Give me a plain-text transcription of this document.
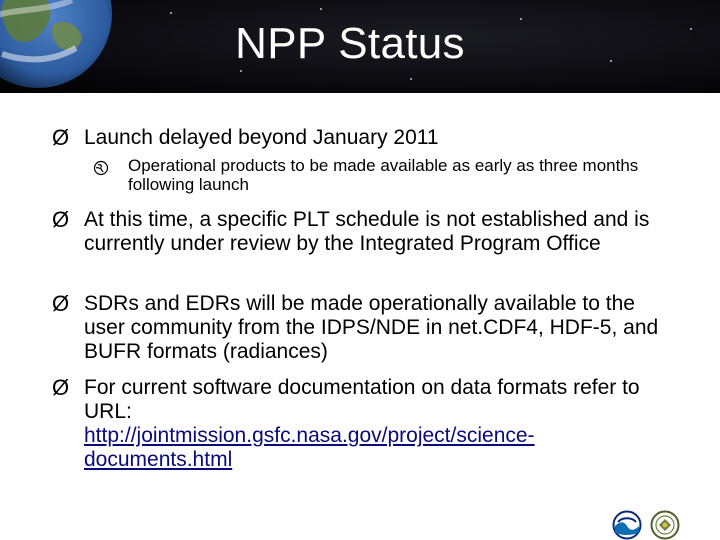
NPP Status
Ø Launch delayed beyond January 2011
Operational products to be made available as early as three months following launch
Ø At this time, a specific PLT schedule is not established and is currently under review by the Integrated Program Office
Ø SDRs and EDRs will be made operationally available to the user community from the IDPS/NDE in net.CDF4, HDF-5, and BUFR formats (radiances)
Ø For current software documentation on data formats refer to URL:
http://jointmission.gsfc.nasa.gov/project/science-documents.html
